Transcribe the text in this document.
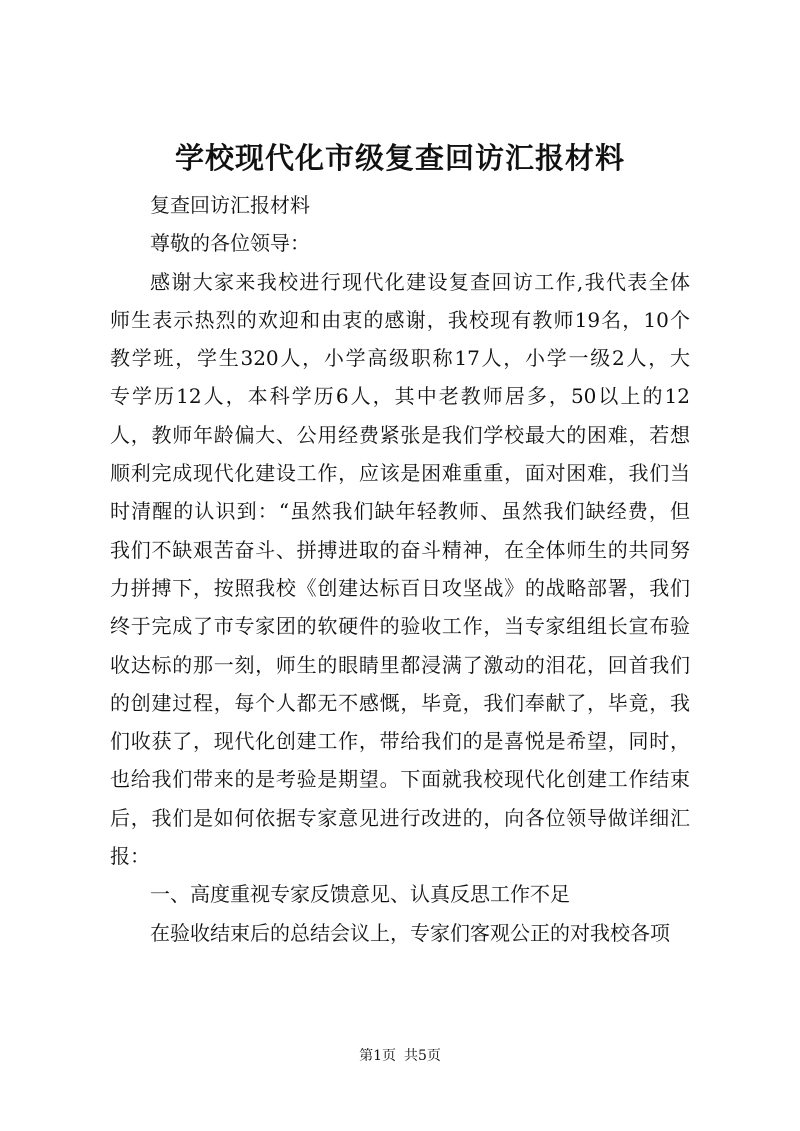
学校现代化市级复查回访汇报材料
复查回访汇报材料
尊敬的各位领导：
感谢大家来我校进行现代化建设复查回访工作,我代表全体
师生表示热烈的欢迎和由衷的感谢，我校现有教师19名，10个
教学班，学生320人，小学高级职称17人，小学一级2人，大
专学历12人，本科学历6人，其中老教师居多，50以上的12
人，教师年龄偏大、公用经费紧张是我们学校最大的困难，若想
顺利完成现代化建设工作，应该是困难重重，面对困难，我们当
时清醒的认识到：“虽然我们缺年轻教师、虽然我们缺经费，但
我们不缺艰苦奋斗、拼搏进取的奋斗精神，在全体师生的共同努
力拼搏下，按照我校《创建达标百日攻坚战》的战略部署，我们
终于完成了市专家团的软硬件的验收工作，当专家组组长宣布验
收达标的那一刻，师生的眼睛里都浸满了激动的泪花，回首我们
的创建过程，每个人都无不感慨，毕竟，我们奉献了，毕竟，我
们收获了，现代化创建工作，带给我们的是喜悦是希望，同时，
也给我们带来的是考验是期望。下面就我校现代化创建工作结束
后，我们是如何依据专家意见进行改进的，向各位领导做详细汇
报：
一、高度重视专家反馈意见、认真反思工作不足
在验收结束后的总结会议上，专家们客观公正的对我校各项
第1页 共5页
